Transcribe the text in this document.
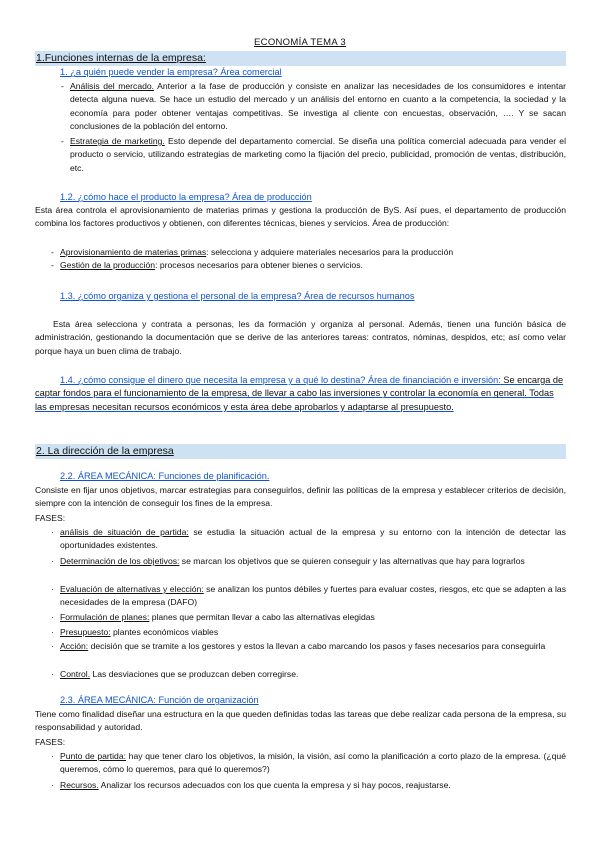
ECONOMÍA TEMA 3
1.Funciones internas de la empresa:
1. ¿a quién puede vender la empresa? Área comercial
- Análisis del mercado. Anterior a la fase de producción y consiste en analizar las necesidades de los consumidores e intentar detecta alguna nueva. Se hace un estudio del mercado y un análisis del entorno en cuanto a la competencia, la sociedad y la economía para poder obtener ventajas competitivas. Se investiga al cliente con encuestas, observación, …. Y se sacan conclusiones de la población del entorno.
- Estrategia de marketing. Esto depende del departamento comercial. Se diseña una política comercial adecuada para vender el producto o servicio, utilizando estrategias de marketing como la fijación del precio, publicidad, promoción de ventas, distribución, etc.
1.2. ¿cómo hace el producto la empresa? Área de producción
Esta área controla el aprovisionamiento de materias primas y gestiona la producción de ByS. Así pues, el departamento de producción combina los factores productivos y obtienen, con diferentes técnicas, bienes y servicios. Área de producción:
- Aprovisionamiento de materias primas: selecciona y adquiere materiales necesarios para la producción
- Gestión de la producción: procesos necesarios para obtener bienes o servicios.
1.3. ¿cómo organiza y gestiona el personal de la empresa? Área de recursos humanos
Esta área selecciona y contrata a personas, les da formación y organiza al personal. Además, tienen una función básica de administración, gestionando la documentación que se derive de las anteriores tareas: contratos, nóminas, despidos, etc; así como velar porque haya un buen clima de trabajo.
1.4. ¿cómo consigue el dinero que necesita la empresa y a qué lo destina? Área de financiación e inversión: Se encarga de captar fondos para el funcionamiento de la empresa, de llevar a cabo las inversiones y controlar la economía en general. Todas las empresas necesitan recursos económicos y esta área debe aprobarlos y adaptarse al presupuesto.
2. La dirección de la empresa
2.2. ÁREA MECÁNICA: Funciones de planificación.
Consiste en fijar unos objetivos, marcar estrategias para conseguirlos, definir las políticas de la empresa y establecer criterios de decisión, siempre con la intención de conseguir los fines de la empresa.
FASES:
· análisis de situación de partida: se estudia la situación actual de la empresa y su entorno con la intención de detectar las oportunidades existentes.
· Determinación de los objetivos: se marcan los objetivos que se quieren conseguir y las alternativas que hay para lograrlos
· Evaluación de alternativas y elección: se analizan los puntos débiles y fuertes para evaluar costes, riesgos, etc que se adapten a las necesidades de la empresa (DAFO)
· Formulación de planes: planes que permitan llevar a cabo las alternativas elegidas
· Presupuesto: plantes económicos viables
· Acción: decisión que se tramite a los gestores y estos la llevan a cabo marcando los pasos y fases necesarios para conseguirla
· Control. Las desviaciones que se produzcan deben corregirse.
2.3. ÁREA MECÁNICA: Función de organización
Tiene como finalidad diseñar una estructura en la que queden definidas todas las tareas que debe realizar cada persona de la empresa, su responsabilidad y autoridad.
FASES:
· Punto de partida: hay que tener claro los objetivos, la misión, la visión, así como la planificación a corto plazo de la empresa. (¿qué queremos, cómo lo queremos, para qué lo queremos?)
· Recursos. Analizar los recursos adecuados con los que cuenta la empresa y si hay pocos, reajustarse.
